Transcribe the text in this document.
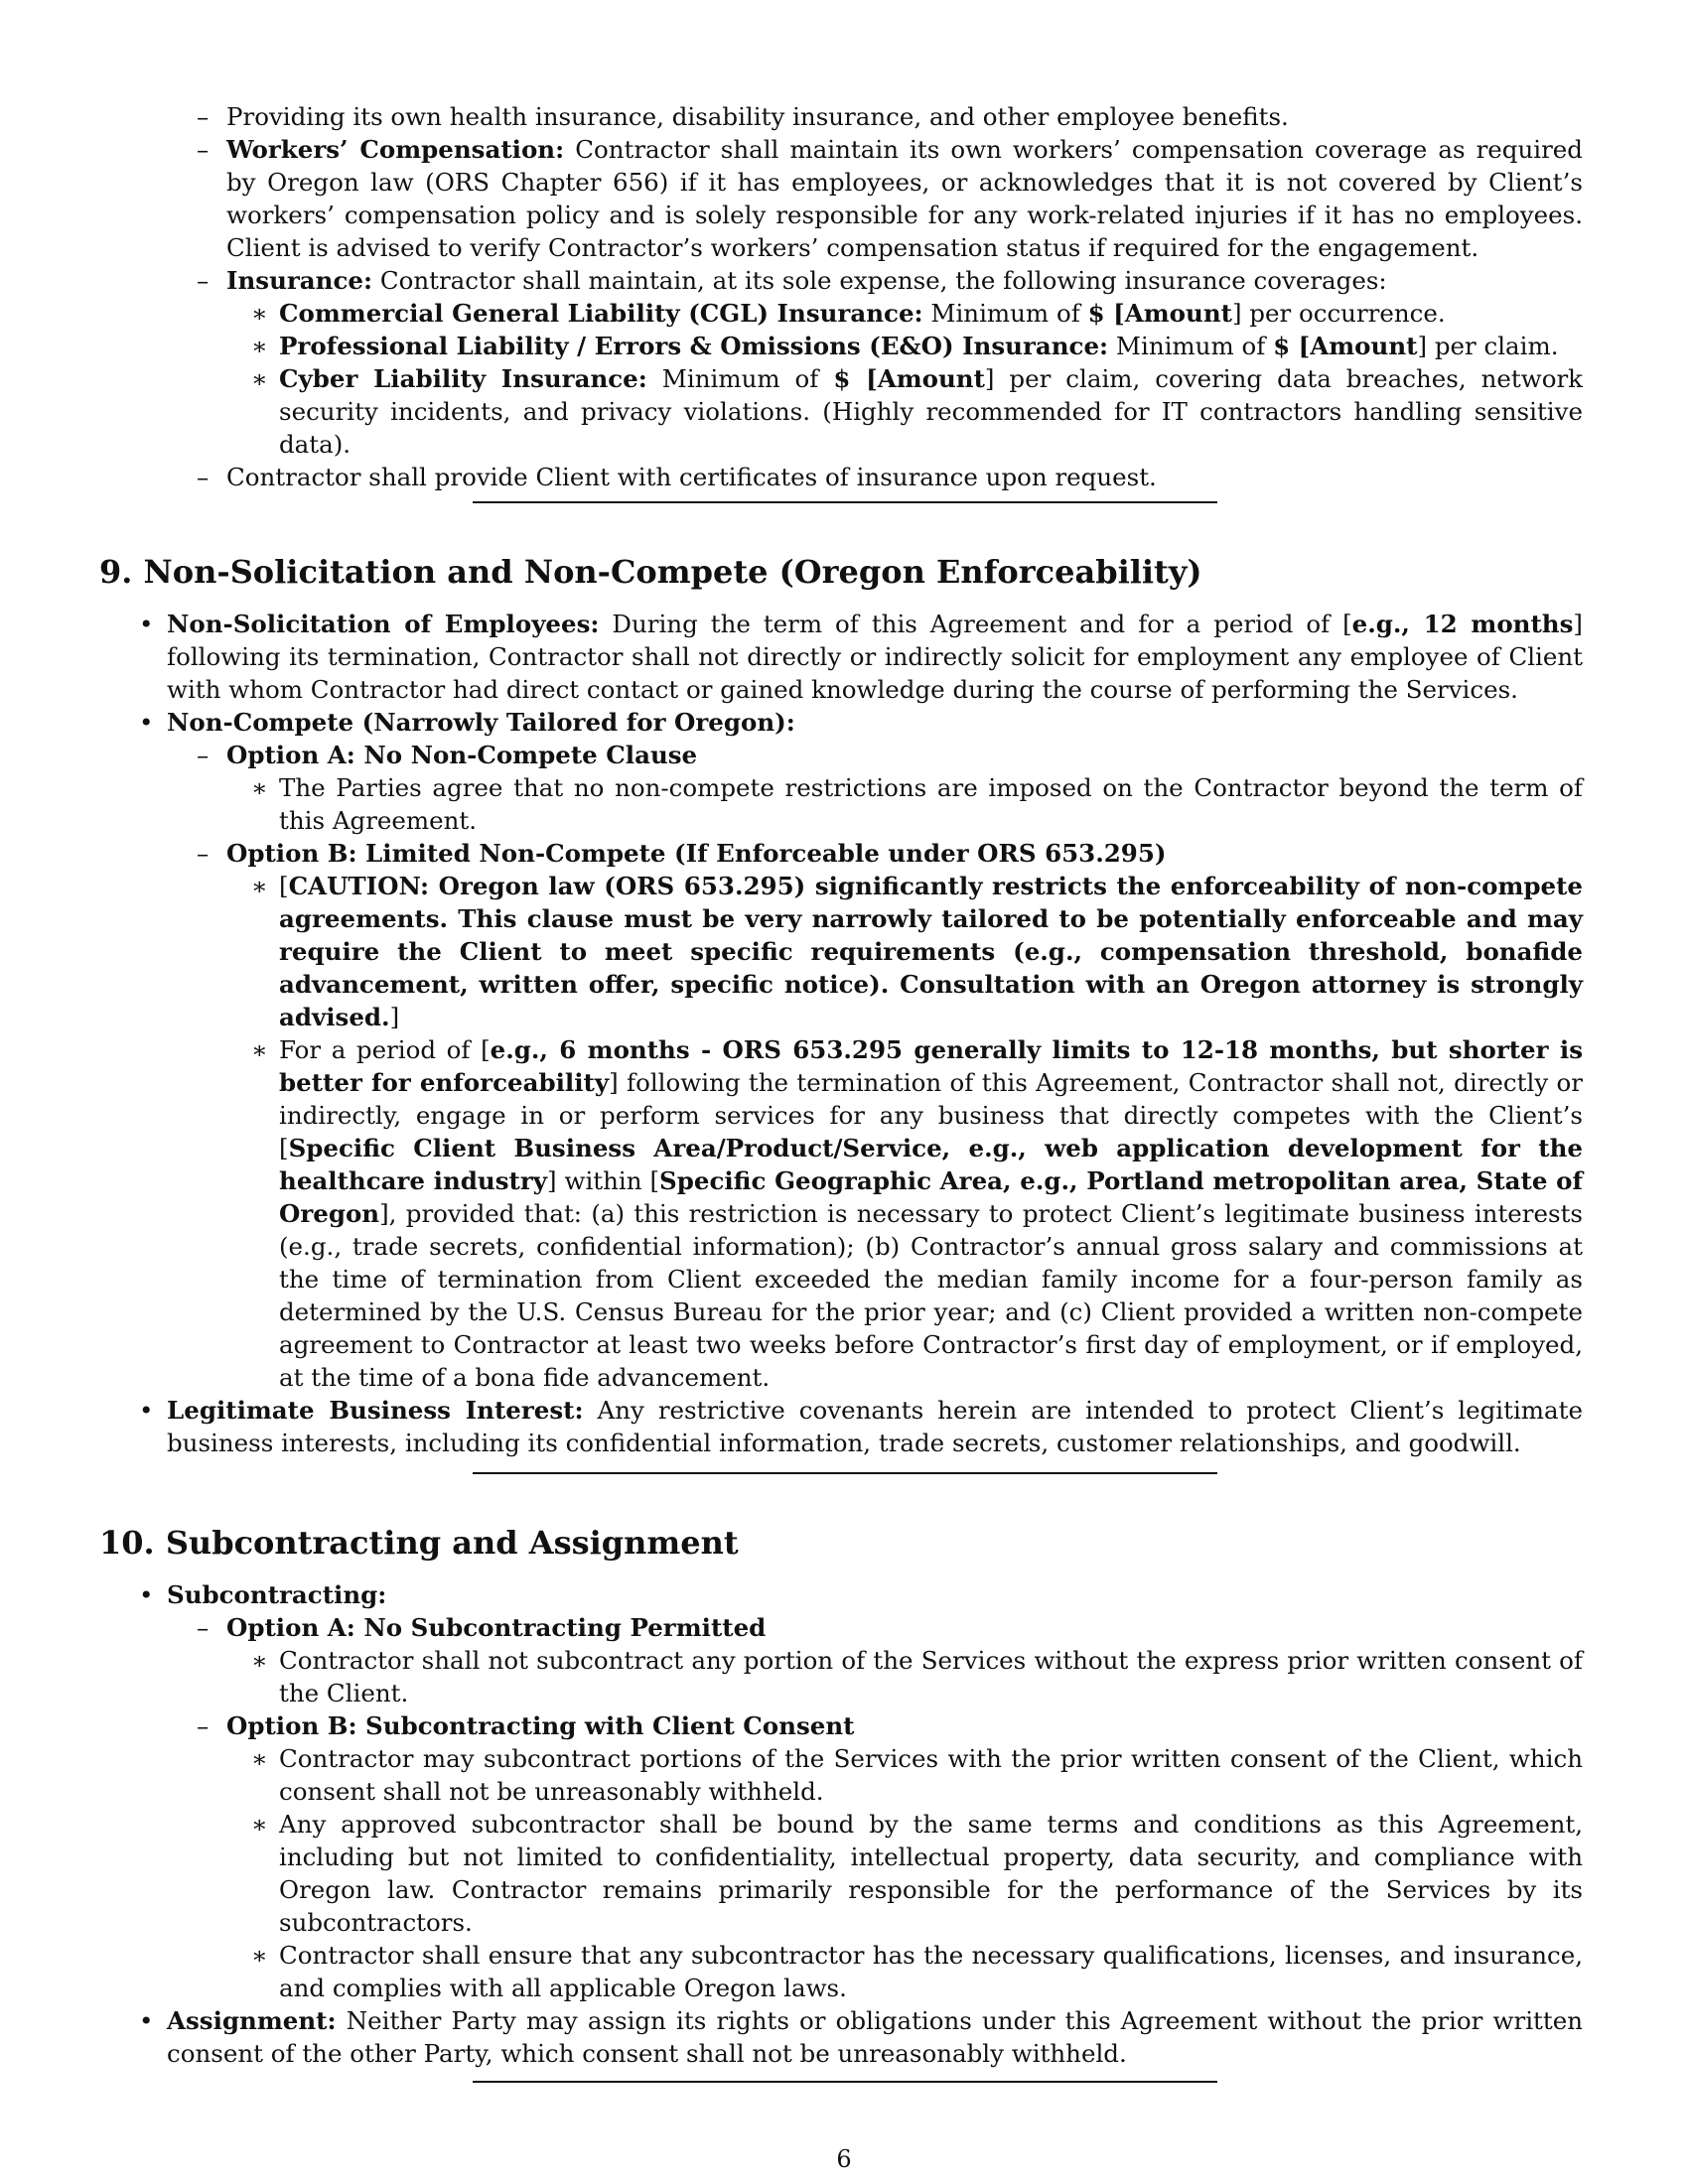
– Providing its own health insurance, disability insurance, and other employee benefits.
– Workers’ Compensation: Contractor shall maintain its own workers’ compensation coverage as required by Oregon law (ORS Chapter 656) if it has employees, or acknowledges that it is not covered by Client’s workers’ compensation policy and is solely responsible for any work-related injuries if it has no employees. Client is advised to verify Contractor’s workers’ compensation status if required for the engagement.
– Insurance: Contractor shall maintain, at its sole expense, the following insurance coverages:
∗ Commercial General Liability (CGL) Insurance: Minimum of $ [Amount] per occurrence.
∗ Professional Liability / Errors & Omissions (E&O) Insurance: Minimum of $ [Amount] per claim.
∗ Cyber Liability Insurance: Minimum of $ [Amount] per claim, covering data breaches, network security incidents, and privacy violations. (Highly recommended for IT contractors handling sensitive data).
– Contractor shall provide Client with certificates of insurance upon request.
9. Non-Solicitation and Non-Compete (Oregon Enforceability)
• Non-Solicitation of Employees: During the term of this Agreement and for a period of [e.g., 12 months] following its termination, Contractor shall not directly or indirectly solicit for employment any employee of Client with whom Contractor had direct contact or gained knowledge during the course of performing the Services.
• Non-Compete (Narrowly Tailored for Oregon):
– Option A: No Non-Compete Clause
∗ The Parties agree that no non-compete restrictions are imposed on the Contractor beyond the term of this Agreement.
– Option B: Limited Non-Compete (If Enforceable under ORS 653.295)
∗ [CAUTION: Oregon law (ORS 653.295) significantly restricts the enforceability of non-compete agreements. This clause must be very narrowly tailored to be potentially enforceable and may require the Client to meet specific requirements (e.g., compensation threshold, bonafide advancement, written offer, specific notice). Consultation with an Oregon attorney is strongly advised.]
∗ For a period of [e.g., 6 months - ORS 653.295 generally limits to 12-18 months, but shorter is better for enforceability] following the termination of this Agreement, Contractor shall not, directly or indirectly, engage in or perform services for any business that directly competes with the Client’s [Specific Client Business Area/Product/Service, e.g., web application development for the healthcare industry] within [Specific Geographic Area, e.g., Portland metropolitan area, State of Oregon], provided that: (a) this restriction is necessary to protect Client’s legitimate business interests (e.g., trade secrets, confidential information); (b) Contractor’s annual gross salary and commissions at the time of termination from Client exceeded the median family income for a four-person family as determined by the U.S. Census Bureau for the prior year; and (c) Client provided a written non-compete agreement to Contractor at least two weeks before Contractor’s first day of employment, or if employed, at the time of a bona fide advancement.
• Legitimate Business Interest: Any restrictive covenants herein are intended to protect Client’s legitimate business interests, including its confidential information, trade secrets, customer relationships, and goodwill.
10. Subcontracting and Assignment
• Subcontracting:
– Option A: No Subcontracting Permitted
∗ Contractor shall not subcontract any portion of the Services without the express prior written consent of the Client.
– Option B: Subcontracting with Client Consent
∗ Contractor may subcontract portions of the Services with the prior written consent of the Client, which consent shall not be unreasonably withheld.
∗ Any approved subcontractor shall be bound by the same terms and conditions as this Agreement, including but not limited to confidentiality, intellectual property, data security, and compliance with Oregon law. Contractor remains primarily responsible for the performance of the Services by its subcontractors.
∗ Contractor shall ensure that any subcontractor has the necessary qualifications, licenses, and insurance, and complies with all applicable Oregon laws.
• Assignment: Neither Party may assign its rights or obligations under this Agreement without the prior written consent of the other Party, which consent shall not be unreasonably withheld.
6
